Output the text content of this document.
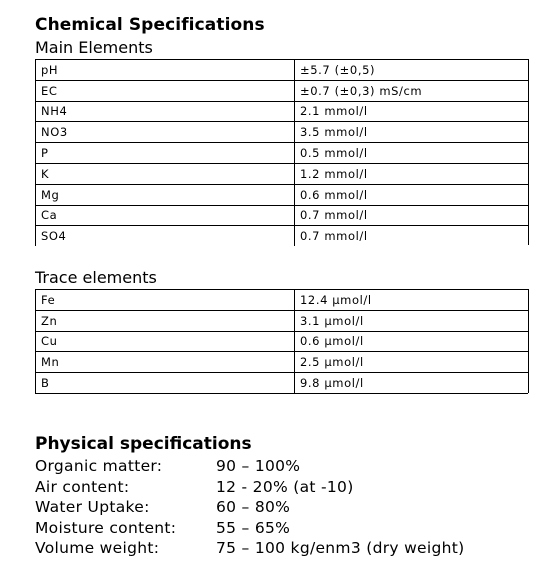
Chemical Specifications
Main Elements
pH	±5.7 (±0,5)
EC	±0.7 (±0,3) mS/cm
NH4	2.1 mmol/l
NO3	3.5 mmol/l
P	0.5 mmol/l
K	1.2 mmol/l
Mg	0.6 mmol/l
Ca	0.7 mmol/l
SO4	0.7 mmol/l
Trace elements
Fe	12.4 µmol/l
Zn	3.1 µmol/l
Cu	0.6 µmol/l
Mn	2.5 µmol/l
B	9.8 µmol/l
Physical specifications
Organic matter:	90 – 100%
Air content:	12 - 20% (at -10)
Water Uptake:	60 – 80%
Moisture content:	55 – 65%
Volume weight:	75 – 100 kg/enm3 (dry weight)
